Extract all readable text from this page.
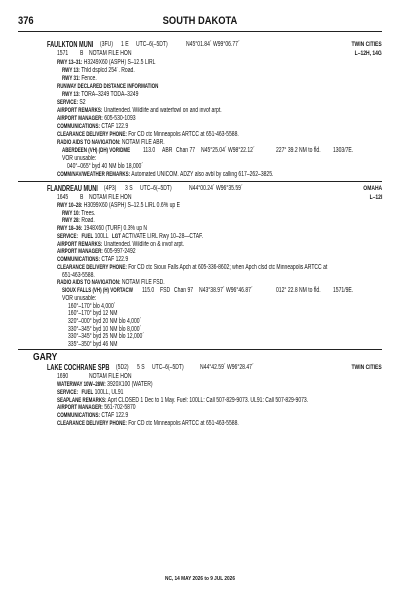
376	SOUTH DAKOTA
FAULKTON MUNI (3FU) 1 E UTC–6(–5DT)	N45°01.84´ W99°06.77´	TWIN CITIES
L–12H, 14G
1571 B NOTAM FILE HON
RWY 13–31: H3249X60 (ASPH) S–12.5 LIRL
RWY 13: Thld dsplcd 254´. Road.
RWY 31: Fence.
RUNWAY DECLARED DISTANCE INFORMATION
RWY 13: TORA–3249 TODA–3249
SERVICE: S2
AIRPORT REMARKS: Unattended. Wildlife and waterfowl on and invof arpt.
AIRPORT MANAGER: 605-530-1093
COMMUNICATIONS: CTAF 122.9
CLEARANCE DELIVERY PHONE: For CD ctc Minneapolis ARTCC at 651-463-5588.
RADIO AIDS TO NAVIGATION: NOTAM FILE ABR.
ABERDEEN (VH) (DH) VOR/DME 113.0 ABR Chan 77 N45°25.04´ W98°22.12´	227° 39.2 NM to fld. 1303/7E.
VOR unusable:
040°–065° byd 40 NM blo 18,000´
COMM/NAV/WEATHER REMARKS: Automated UNICOM. ADZY also avbl by calling 617–262–3825.
FLANDREAU MUNI (4P3) 3 S UTC–6(–5DT) N44°00.24´ W96°35.59´	OMAHA
L–12I
1645 B NOTAM FILE HON
RWY 10–28: H3099X60 (ASPH) S–12.5 LIRL 0.6% up E
RWY 10: Trees.
RWY 28: Road.
RWY 18–36: 1948X60 (TURF) 0.3% up N
SERVICE: FUEL 100LL LGT ACTIVATE LIRL Rwy 10–28—CTAF.
AIRPORT REMARKS: Unattended. Wildlife on & invof arpt.
AIRPORT MANAGER: 605-997-2492
COMMUNICATIONS: CTAF 122.9
CLEARANCE DELIVERY PHONE: For CD ctc Sioux Falls Apch at 605-336-8602; when Apch clsd ctc Minneapolis ARTCC at
651-463-5588.
RADIO AIDS TO NAVIGATION: NOTAM FILE FSD.
SIOUX FALLS (VH) (H) VORTACW 115.0 FSD Chan 97 N43°38.97´ W96°46.87´	012° 22.8 NM to fld. 1571/9E.
VOR unusable:
160°–170° blo 4,000´
160°–170° byd 12 NM
320°–000° byd 20 NM blo 4,000´
330°–345° byd 10 NM blo 8,000´
330°–345° byd 25 NM blo 12,000´
335°–350° byd 46 NM
GARY
LAKE COCHRANE SPB (5D2) 5 S UTC–6(–5DT) N44°42.59´ W96°28.47´	TWIN CITIES
1690	NOTAM FILE HON
WATERWAY 10W–28W: 3920X100 (WATER)
SERVICE: FUEL 100LL, UL91
SEAPLANE REMARKS: Aprt CLOSED 1 Dec to 1 May. Fuel: 100LL: Call 507-829-9073. UL91: Call 507-829-9073.
AIRPORT MANAGER: 561-702-5870
COMMUNICATIONS: CTAF 122.9
CLEARANCE DELIVERY PHONE: For CD ctc Minneapolis ARTCC at 651-463-5588.
NC, 14 MAY 2026 to 9 JUL 2026
